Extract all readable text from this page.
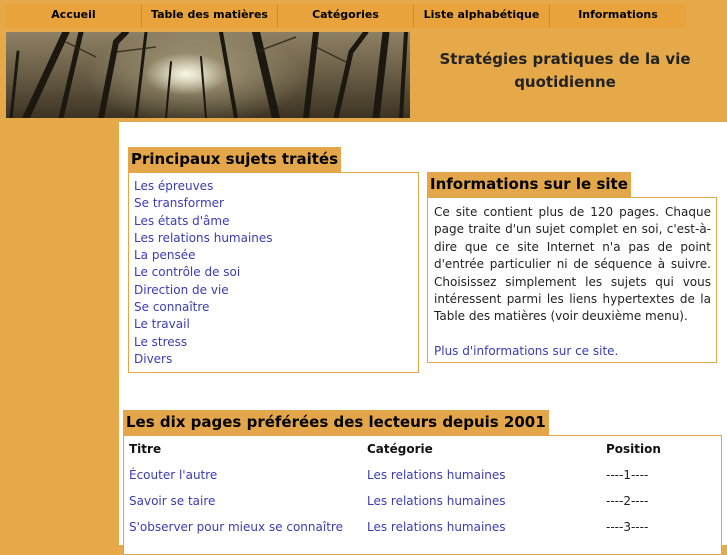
Accueil	Table des matières	Catégories	Liste alphabétique	Informations
Stratégies pratiques de la vie quotidienne
Principaux sujets traités
Les épreuves
Se transformer
Les états d'âme
Les relations humaines
La pensée
Le contrôle de soi
Direction de vie
Se connaître
Le travail
Le stress
Divers
Informations sur le site

Ce site contient plus de 120 pages. Chaque page traite d'un sujet complet en soi, c'est-à-dire que ce site Internet n'a pas de point d'entrée particulier ni de séquence à suivre. Choisissez simplement les sujets qui vous intéressent parmi les liens hypertextes de la Table des matières (voir deuxième menu).

Plus d'informations sur ce site.
Les dix pages préférées des lecteurs depuis 2001
Titre	Catégorie	Position
Écouter l'autre	Les relations humaines	----1----
Savoir se taire	Les relations humaines	----2----
S'observer pour mieux se connaître	Les relations humaines	----3----
